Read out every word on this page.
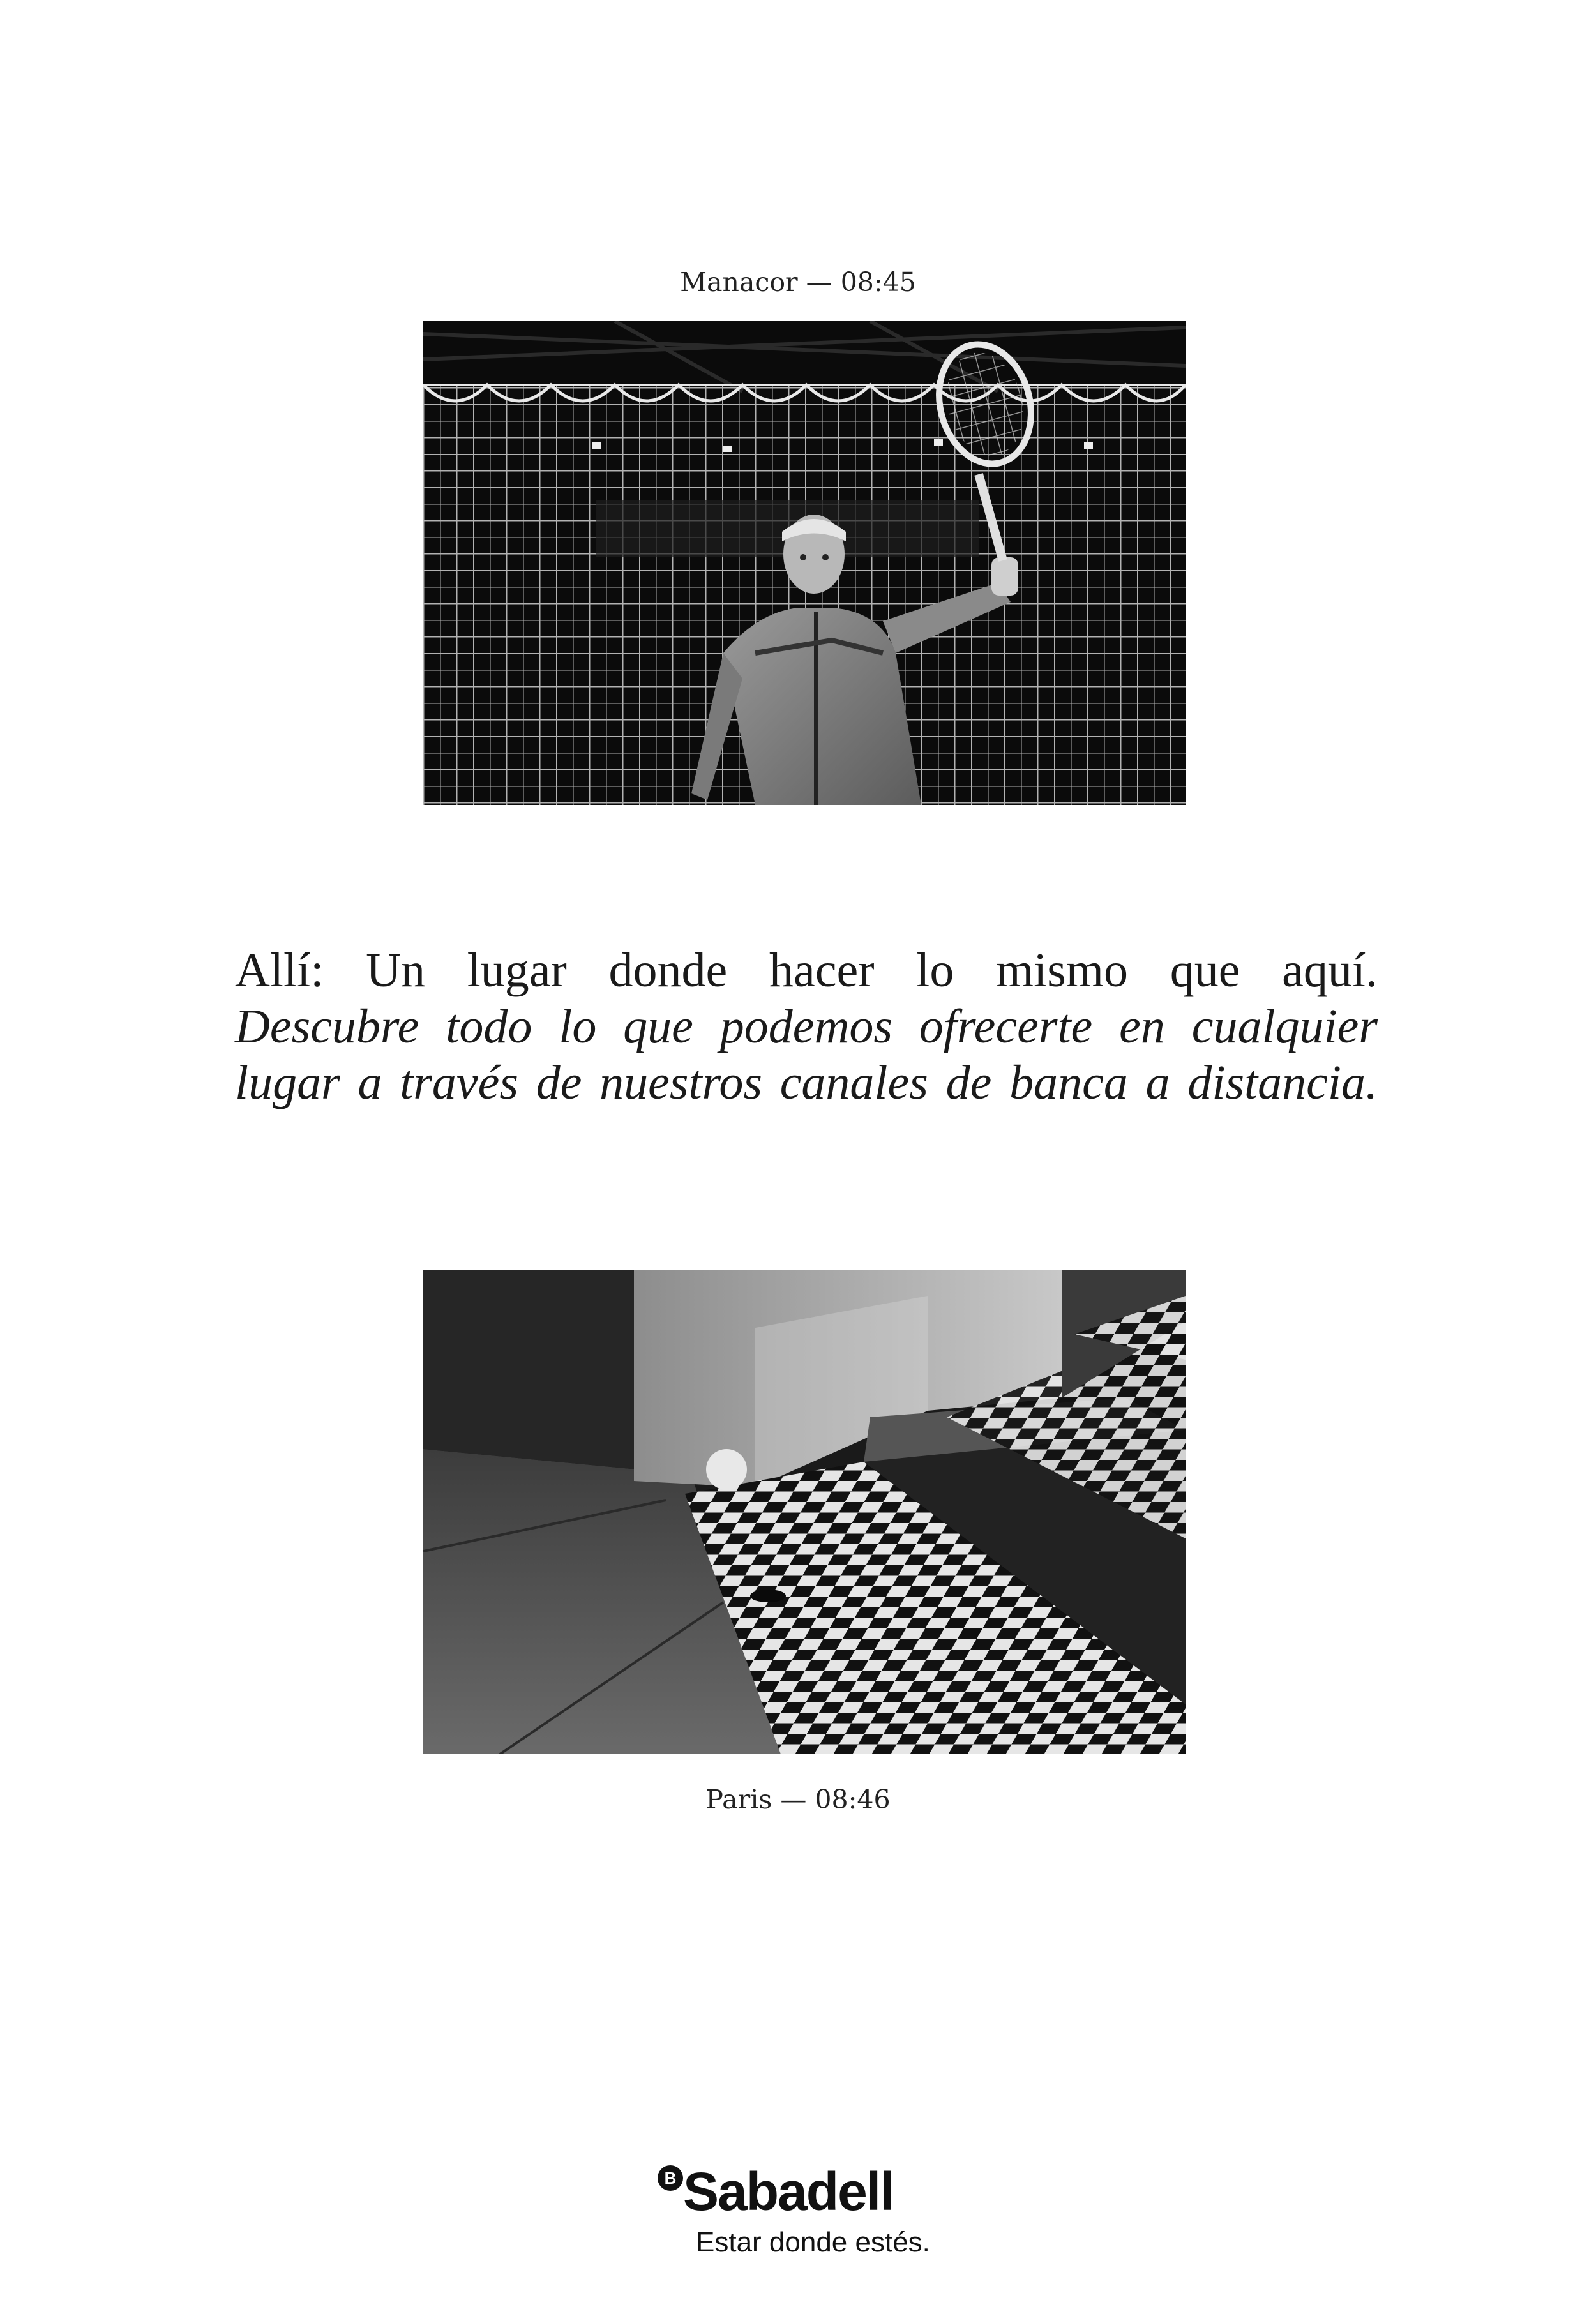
Manacor — 08:45
Allí: Un lugar donde hacer lo mismo que aquí.
Descubre todo lo que podemos ofrecerte en cualquier
lugar a través de nuestros canales de banca a distancia.
Paris — 08:46
B Sabadell
Estar donde estés.
